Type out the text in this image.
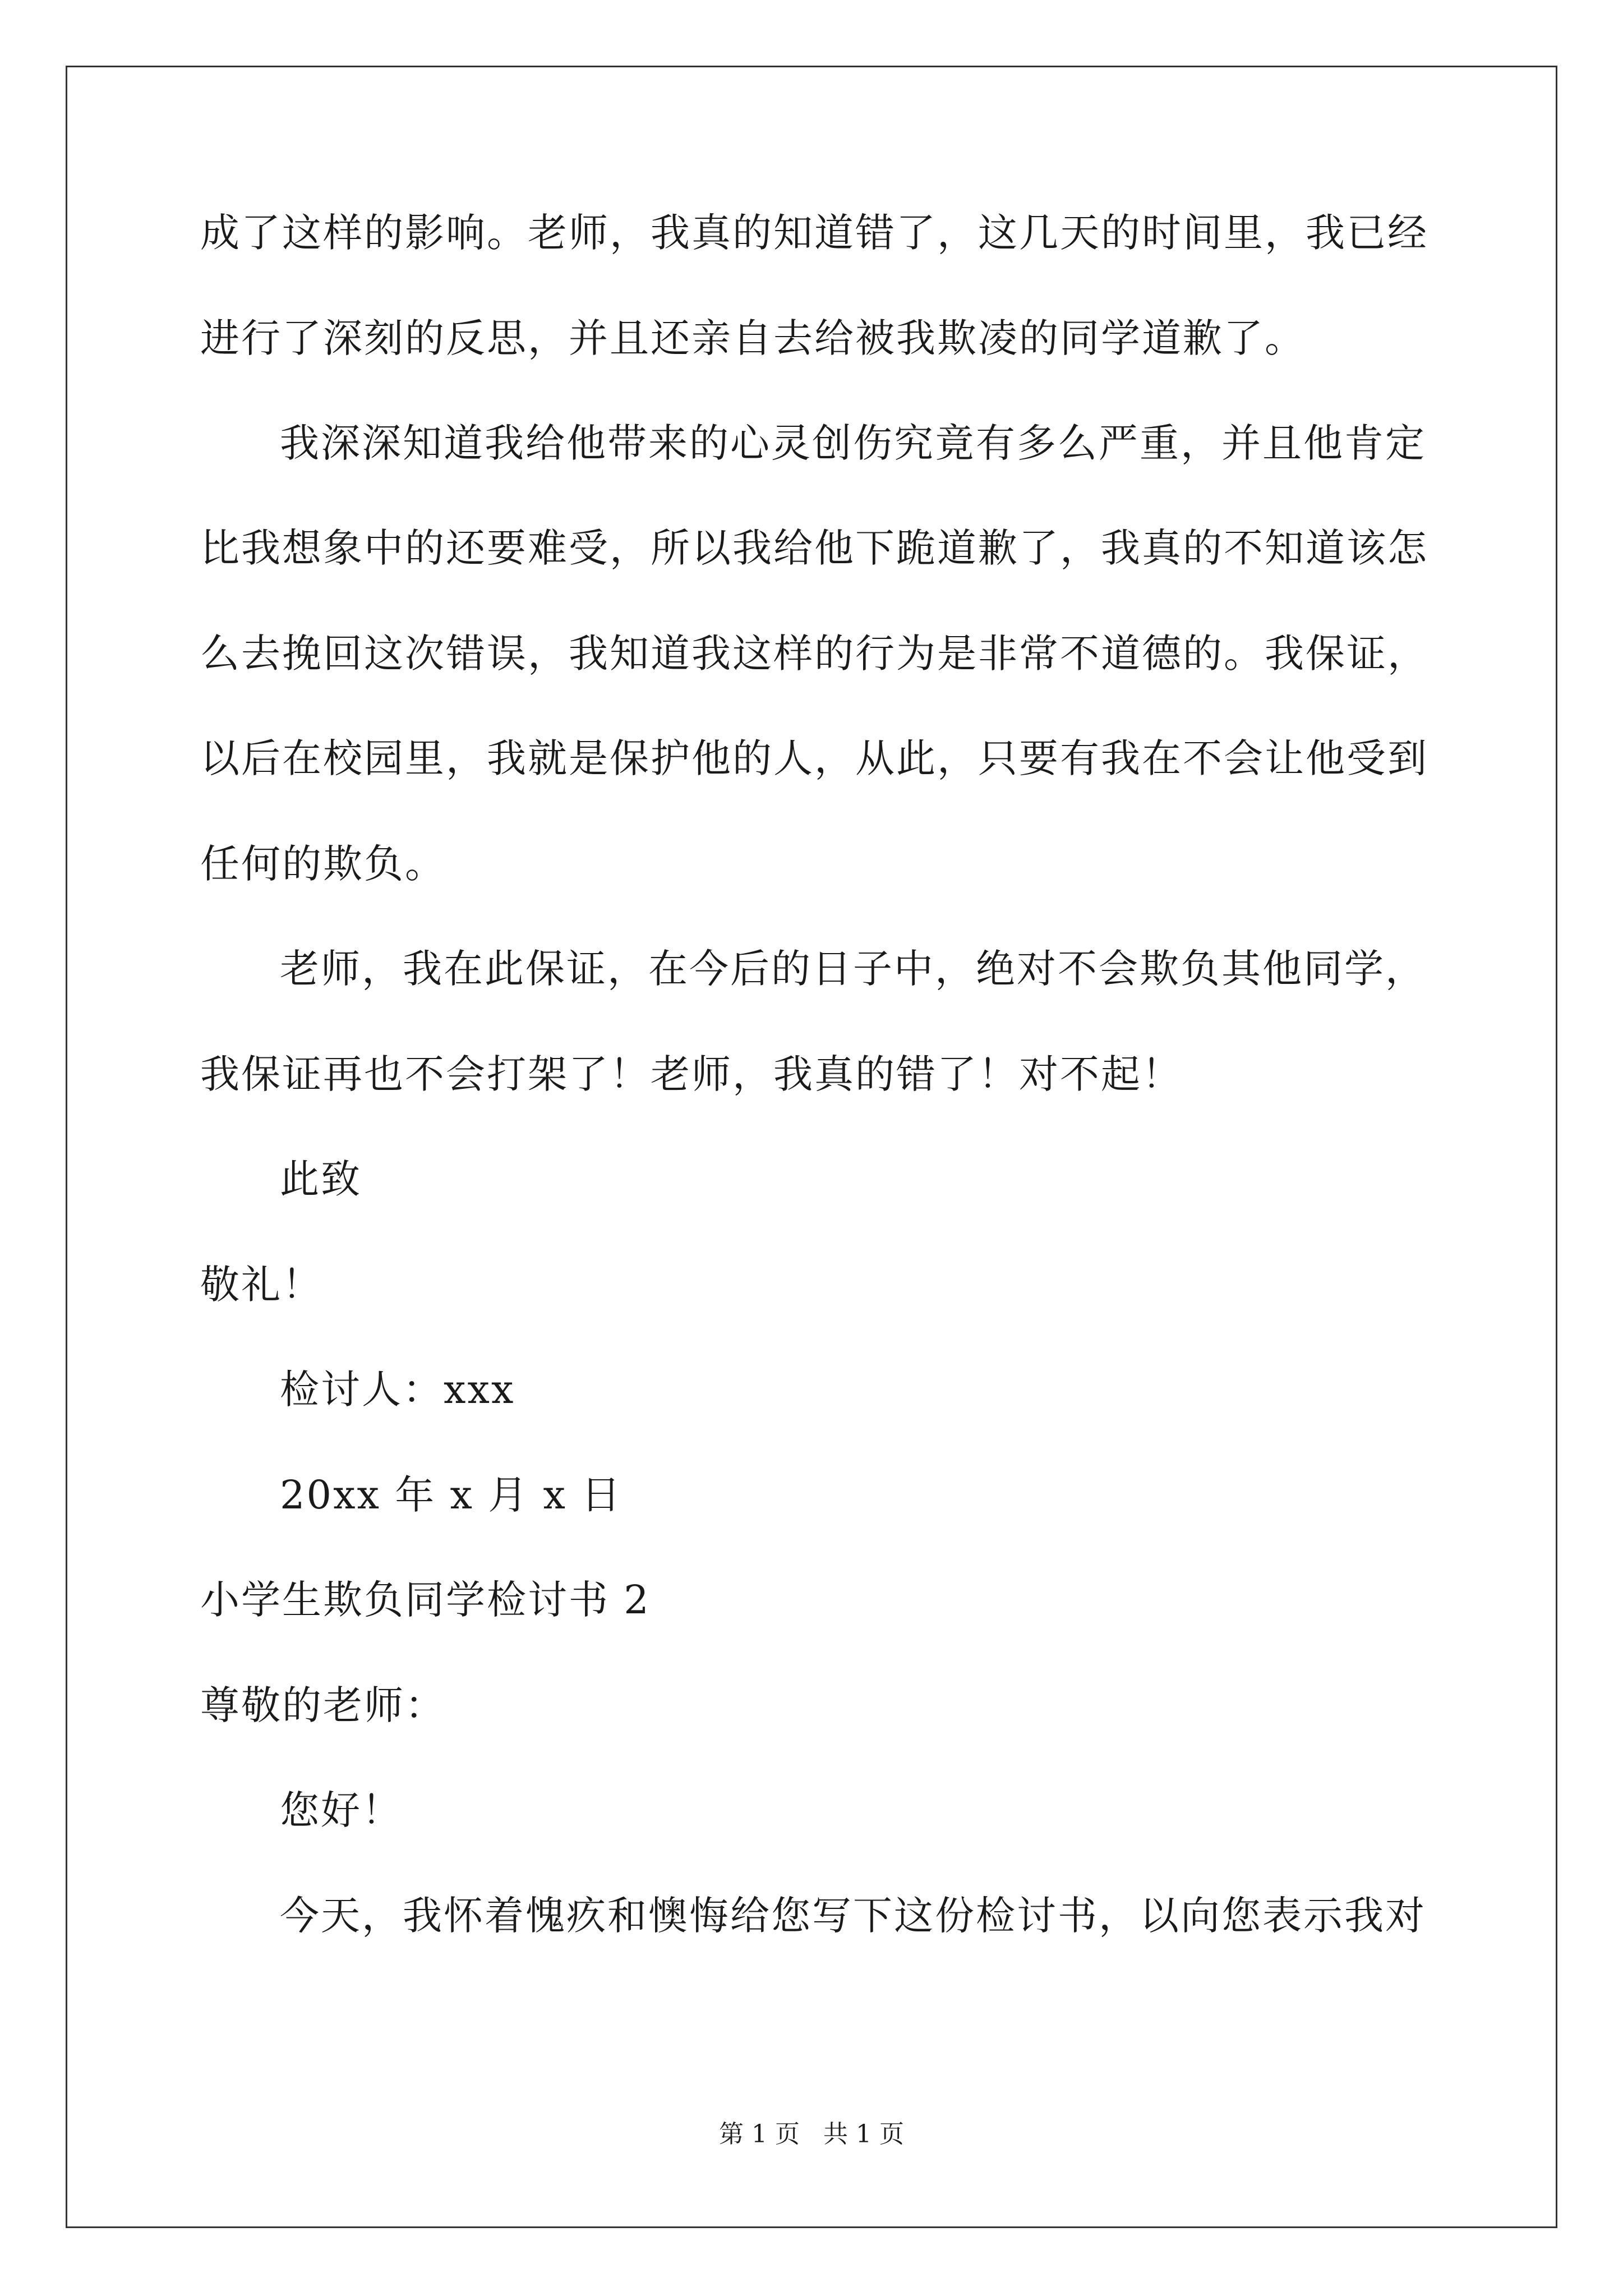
成了这样的影响。老师，我真的知道错了，这几天的时间里，我已经
进行了深刻的反思，并且还亲自去给被我欺凌的同学道歉了。
我深深知道我给他带来的心灵创伤究竟有多么严重，并且他肯定
比我想象中的还要难受，所以我给他下跪道歉了，我真的不知道该怎
么去挽回这次错误，我知道我这样的行为是非常不道德的。我保证，
以后在校园里，我就是保护他的人，从此，只要有我在不会让他受到
任何的欺负。
老师，我在此保证，在今后的日子中，绝对不会欺负其他同学，
我保证再也不会打架了！老师，我真的错了！对不起！
此致
敬礼！
检讨人：xxx
20xx 年 x 月 x 日
小学生欺负同学检讨书 2
尊敬的老师：
您好！
今天，我怀着愧疚和懊悔给您写下这份检讨书，以向您表示我对
第 1 页   共 1 页
